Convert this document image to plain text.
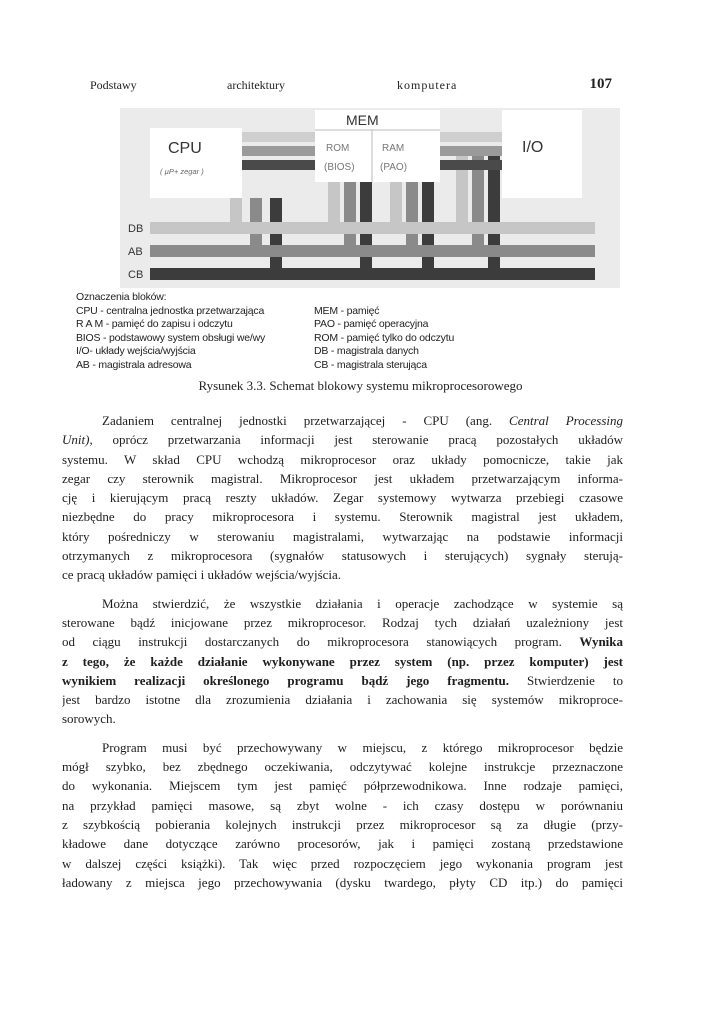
Podstawy	architektury	komputera	107
CPU
( µP+ zegar )
MEM
ROM
(BIOS)
RAM
(PAO)
I/O
DB
AB
CB
Oznaczenia bloków:
CPU - centralna jednostka przetwarzająca
R A M - pamięć do zapisu i odczytu
BIOS - podstawowy system obsługi we/wy
I/O- układy wejścia/wyjścia
AB - magistrala adresowa
MEM - pamięć
PAO - pamięć operacyjna
ROM - pamięć tylko do odczytu
DB - magistrala danych
CB - magistrala sterująca
Rysunek 3.3. Schemat blokowy systemu mikroprocesorowego

Zadaniem centralnej jednostki przetwarzającej - CPU (ang. Central Processing
Unit), oprócz przetwarzania informacji jest sterowanie pracą pozostałych układów
systemu. W skład CPU wchodzą mikroprocesor oraz układy pomocnicze, takie jak
zegar czy sterownik magistral. Mikroprocesor jest układem przetwarzającym informa-
cję i kierującym pracą reszty układów. Zegar systemowy wytwarza przebiegi czasowe
niezbędne do pracy mikroprocesora i systemu. Sterownik magistral jest układem,
który pośredniczy w sterowaniu magistralami, wytwarzając na podstawie informacji
otrzymanych z mikroprocesora (sygnałów statusowych i sterujących) sygnały sterują-
ce pracą układów pamięci i układów wejścia/wyjścia.

Można stwierdzić, że wszystkie działania i operacje zachodzące w systemie są
sterowane bądź inicjowane przez mikroprocesor. Rodzaj tych działań uzależniony jest
od ciągu instrukcji dostarczanych do mikroprocesora stanowiących program. Wynika
z tego, że każde działanie wykonywane przez system (np. przez komputer) jest
wynikiem realizacji określonego programu bądź jego fragmentu. Stwierdzenie to
jest bardzo istotne dla zrozumienia działania i zachowania się systemów mikroproce-
sorowych.

Program musi być przechowywany w miejscu, z którego mikroprocesor będzie
mógł szybko, bez zbędnego oczekiwania, odczytywać kolejne instrukcje przeznaczone
do wykonania. Miejscem tym jest pamięć półprzewodnikowa. Inne rodzaje pamięci,
na przykład pamięci masowe, są zbyt wolne - ich czasy dostępu w porównaniu
z szybkością pobierania kolejnych instrukcji przez mikroprocesor są za długie (przy-
kładowe dane dotyczące zarówno procesorów, jak i pamięci zostaną przedstawione
w dalszej części książki). Tak więc przed rozpoczęciem jego wykonania program jest
ładowany z miejsca jego przechowywania (dysku twardego, płyty CD itp.) do pamięci
